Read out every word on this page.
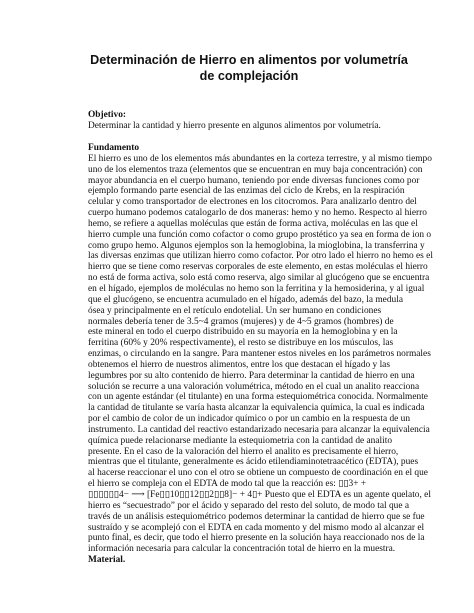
Determinación de Hierro en alimentos por volumetría
de complejación

Objetivo:

Determinar la cantidad y hierro presente en algunos alimentos por volumetría.

Fundamento

El hierro es uno de los elementos más abundantes en la corteza terrestre, y al mismo tiempo
uno de los elementos traza (elementos que se encuentran en muy baja concentración) con
mayor abundancia en el cuerpo humano, teniendo por ende diversas funciones como por
ejemplo formando parte esencial de las enzimas del ciclo de Krebs, en la respiración
celular y como transportador de electrones en los citocromos. Para analizarlo dentro del
cuerpo humano podemos catalogarlo de dos maneras: hemo y no hemo. Respecto al hierro
hemo, se refiere a aquellas moléculas que están de forma activa, moléculas en las que el
hierro cumple una función como cofactor o como grupo prostético ya sea en forma de ion o
como grupo hemo. Algunos ejemplos son la hemoglobina, la mioglobina, la transferrina y
las diversas enzimas que utilizan hierro como cofactor. Por otro lado el hierro no hemo es el
hierro que se tiene como reservas corporales de este elemento, en estas moléculas el hierro
no está de forma activa, solo está como reserva, algo similar al glucógeno que se encuentra
en el hígado, ejemplos de moléculas no hemo son la ferritina y la hemosiderina, y al igual
que el glucógeno, se encuentra acumulado en el hígado, además del bazo, la medula
ósea y principalmente en el retículo endotelial. Un ser humano en condiciones
normales debería tener de 3.5~4 gramos (mujeres) y de 4~5 gramos (hombres) de
este mineral en todo el cuerpo distribuido en su mayoría en la hemoglobina y en la
ferritina (60% y 20% respectivamente), el resto se distribuye en los músculos, las
enzimas, o circulando en la sangre. Para mantener estos niveles en los parámetros normales
obtenemos el hierro de nuestros alimentos, entre los que destacan el hígado y las
legumbres por su alto contenido de hierro. Para determinar la cantidad de hierro en una
solución se recurre a una valoración volumétrica, método en el cual un analito reacciona
con un agente estándar (el titulante) en una forma estequiométrica conocida. Normalmente
la cantidad de titulante se varía hasta alcanzar la equivalencia química, la cual es indicada
por el cambio de color de un indicador químico o por un cambio en la respuesta de un
instrumento. La cantidad del reactivo estandarizado necesaria para alcanzar la equivalencia
química puede relacionarse mediante la estequiometria con la cantidad de analito
presente. En el caso de la valoración del hierro el analito es precisamente el hierro,
mientras que el titulante, generalmente es ácido etilendiaminotetraacético (EDTA), pues
al hacerse reaccionar el uno con el otro se obtiene un compuesto de coordinación en el que
el hierro se compleja con el EDTA de modo tal que la reacción es: ▯▯3+ +
▯▯▯▯▯▯4− ⟶ [Fe▯▯10▯▯12▯▯2▯▯8]− + 4▯+ Puesto que el EDTA es un agente quelato, el
hierro es “secuestrado” por el ácido y separado del resto del soluto, de modo tal que a
través de un análisis estequiométrico podemos determinar la cantidad de hierro que se fue
sustraído y se acomplejó con el EDTA en cada momento y del mismo modo al alcanzar el
punto final, es decir, que todo el hierro presente en la solución haya reaccionado nos de la
información necesaria para calcular la concentración total de hierro en la muestra.

Material.
